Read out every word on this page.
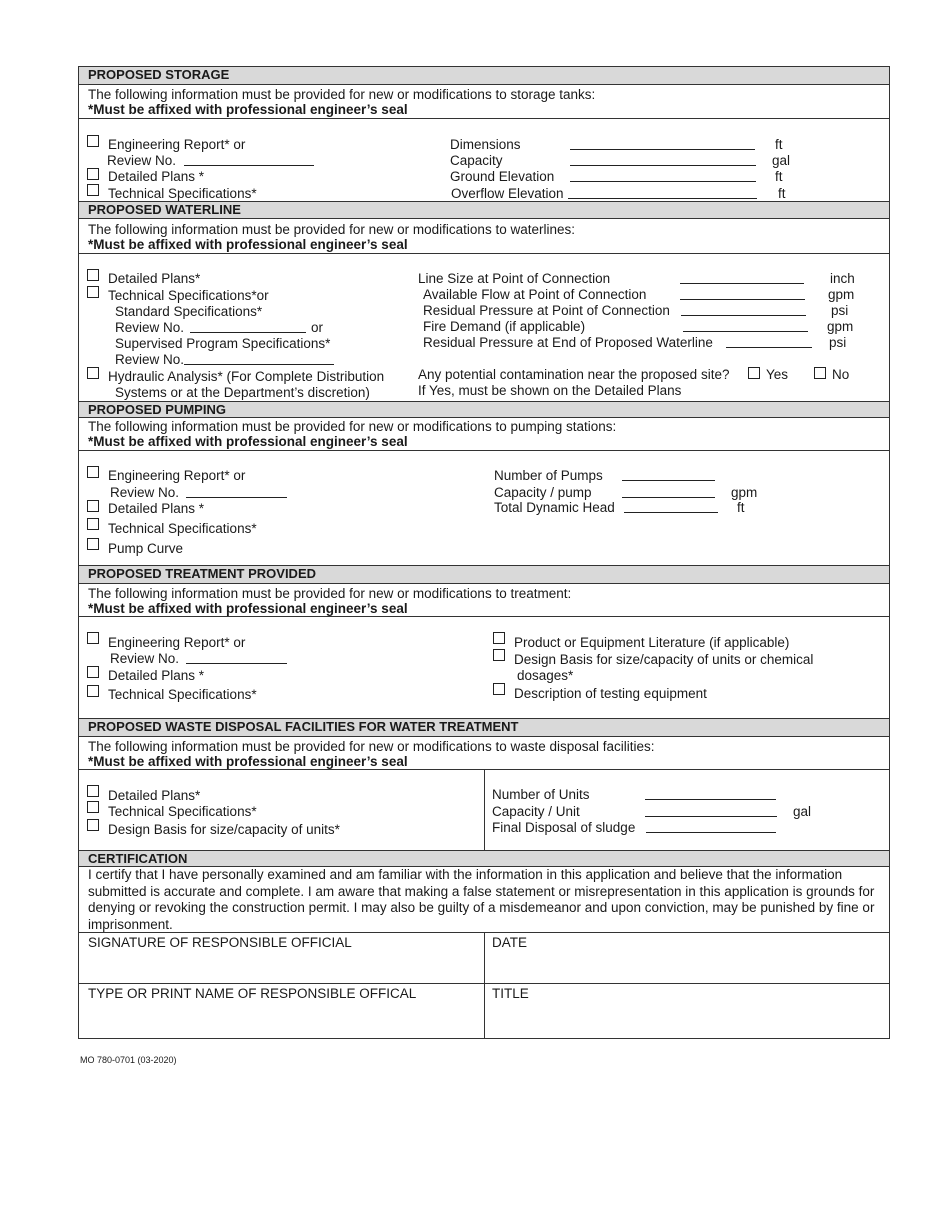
PROPOSED STORAGE
The following information must be provided for new or modifications to storage tanks:
*Must be affixed with professional engineer’s seal
Engineering Report* or
Review No.
Detailed Plans *
Technical Specifications*
Dimensions	ft
Capacity	gal
Ground Elevation	ft
Overflow Elevation	ft
PROPOSED WATERLINE
The following information must be provided for new or modifications to waterlines:
*Must be affixed with professional engineer’s seal
Detailed Plans*
Technical Specifications*or
Standard Specifications*
Review No.	or
Supervised Program Specifications*
Review No.
Hydraulic Analysis* (For Complete Distribution
Systems or at the Department’s discretion)
Line Size at Point of Connection	inch
Available Flow at Point of Connection	gpm
Residual Pressure at Point of Connection	psi
Fire Demand (if applicable)	gpm
Residual Pressure at End of Proposed Waterline	psi
Any potential contamination near the proposed site?	Yes	No
If Yes, must be shown on the Detailed Plans
PROPOSED PUMPING
The following information must be provided for new or modifications to pumping stations:
*Must be affixed with professional engineer’s seal
Engineering Report* or
Review No.
Detailed Plans *
Technical Specifications*
Pump Curve
Number of Pumps
Capacity / pump	gpm
Total Dynamic Head	ft
PROPOSED TREATMENT PROVIDED
The following information must be provided for new or modifications to treatment:
*Must be affixed with professional engineer’s seal
Engineering Report* or
Review No.
Detailed Plans *
Technical Specifications*
Product or Equipment Literature (if applicable)
Design Basis for size/capacity of units or chemical
dosages*
Description of testing equipment
PROPOSED WASTE DISPOSAL FACILITIES FOR WATER TREATMENT
The following information must be provided for new or modifications to waste disposal facilities:
*Must be affixed with professional engineer’s seal
Detailed Plans*
Technical Specifications*
Design Basis for size/capacity of units*
Number of Units
Capacity / Unit	gal
Final Disposal of sludge
CERTIFICATION
I certify that I have personally examined and am familiar with the information in this application and believe that the information submitted is accurate and complete. I am aware that making a false statement or misrepresentation in this application is grounds for denying or revoking the construction permit. I may also be guilty of a misdemeanor and upon conviction, may be punished by fine or imprisonment.
SIGNATURE OF RESPONSIBLE OFFICIAL	DATE
TYPE OR PRINT NAME OF RESPONSIBLE OFFICAL	TITLE
MO 780-0701 (03-2020)
